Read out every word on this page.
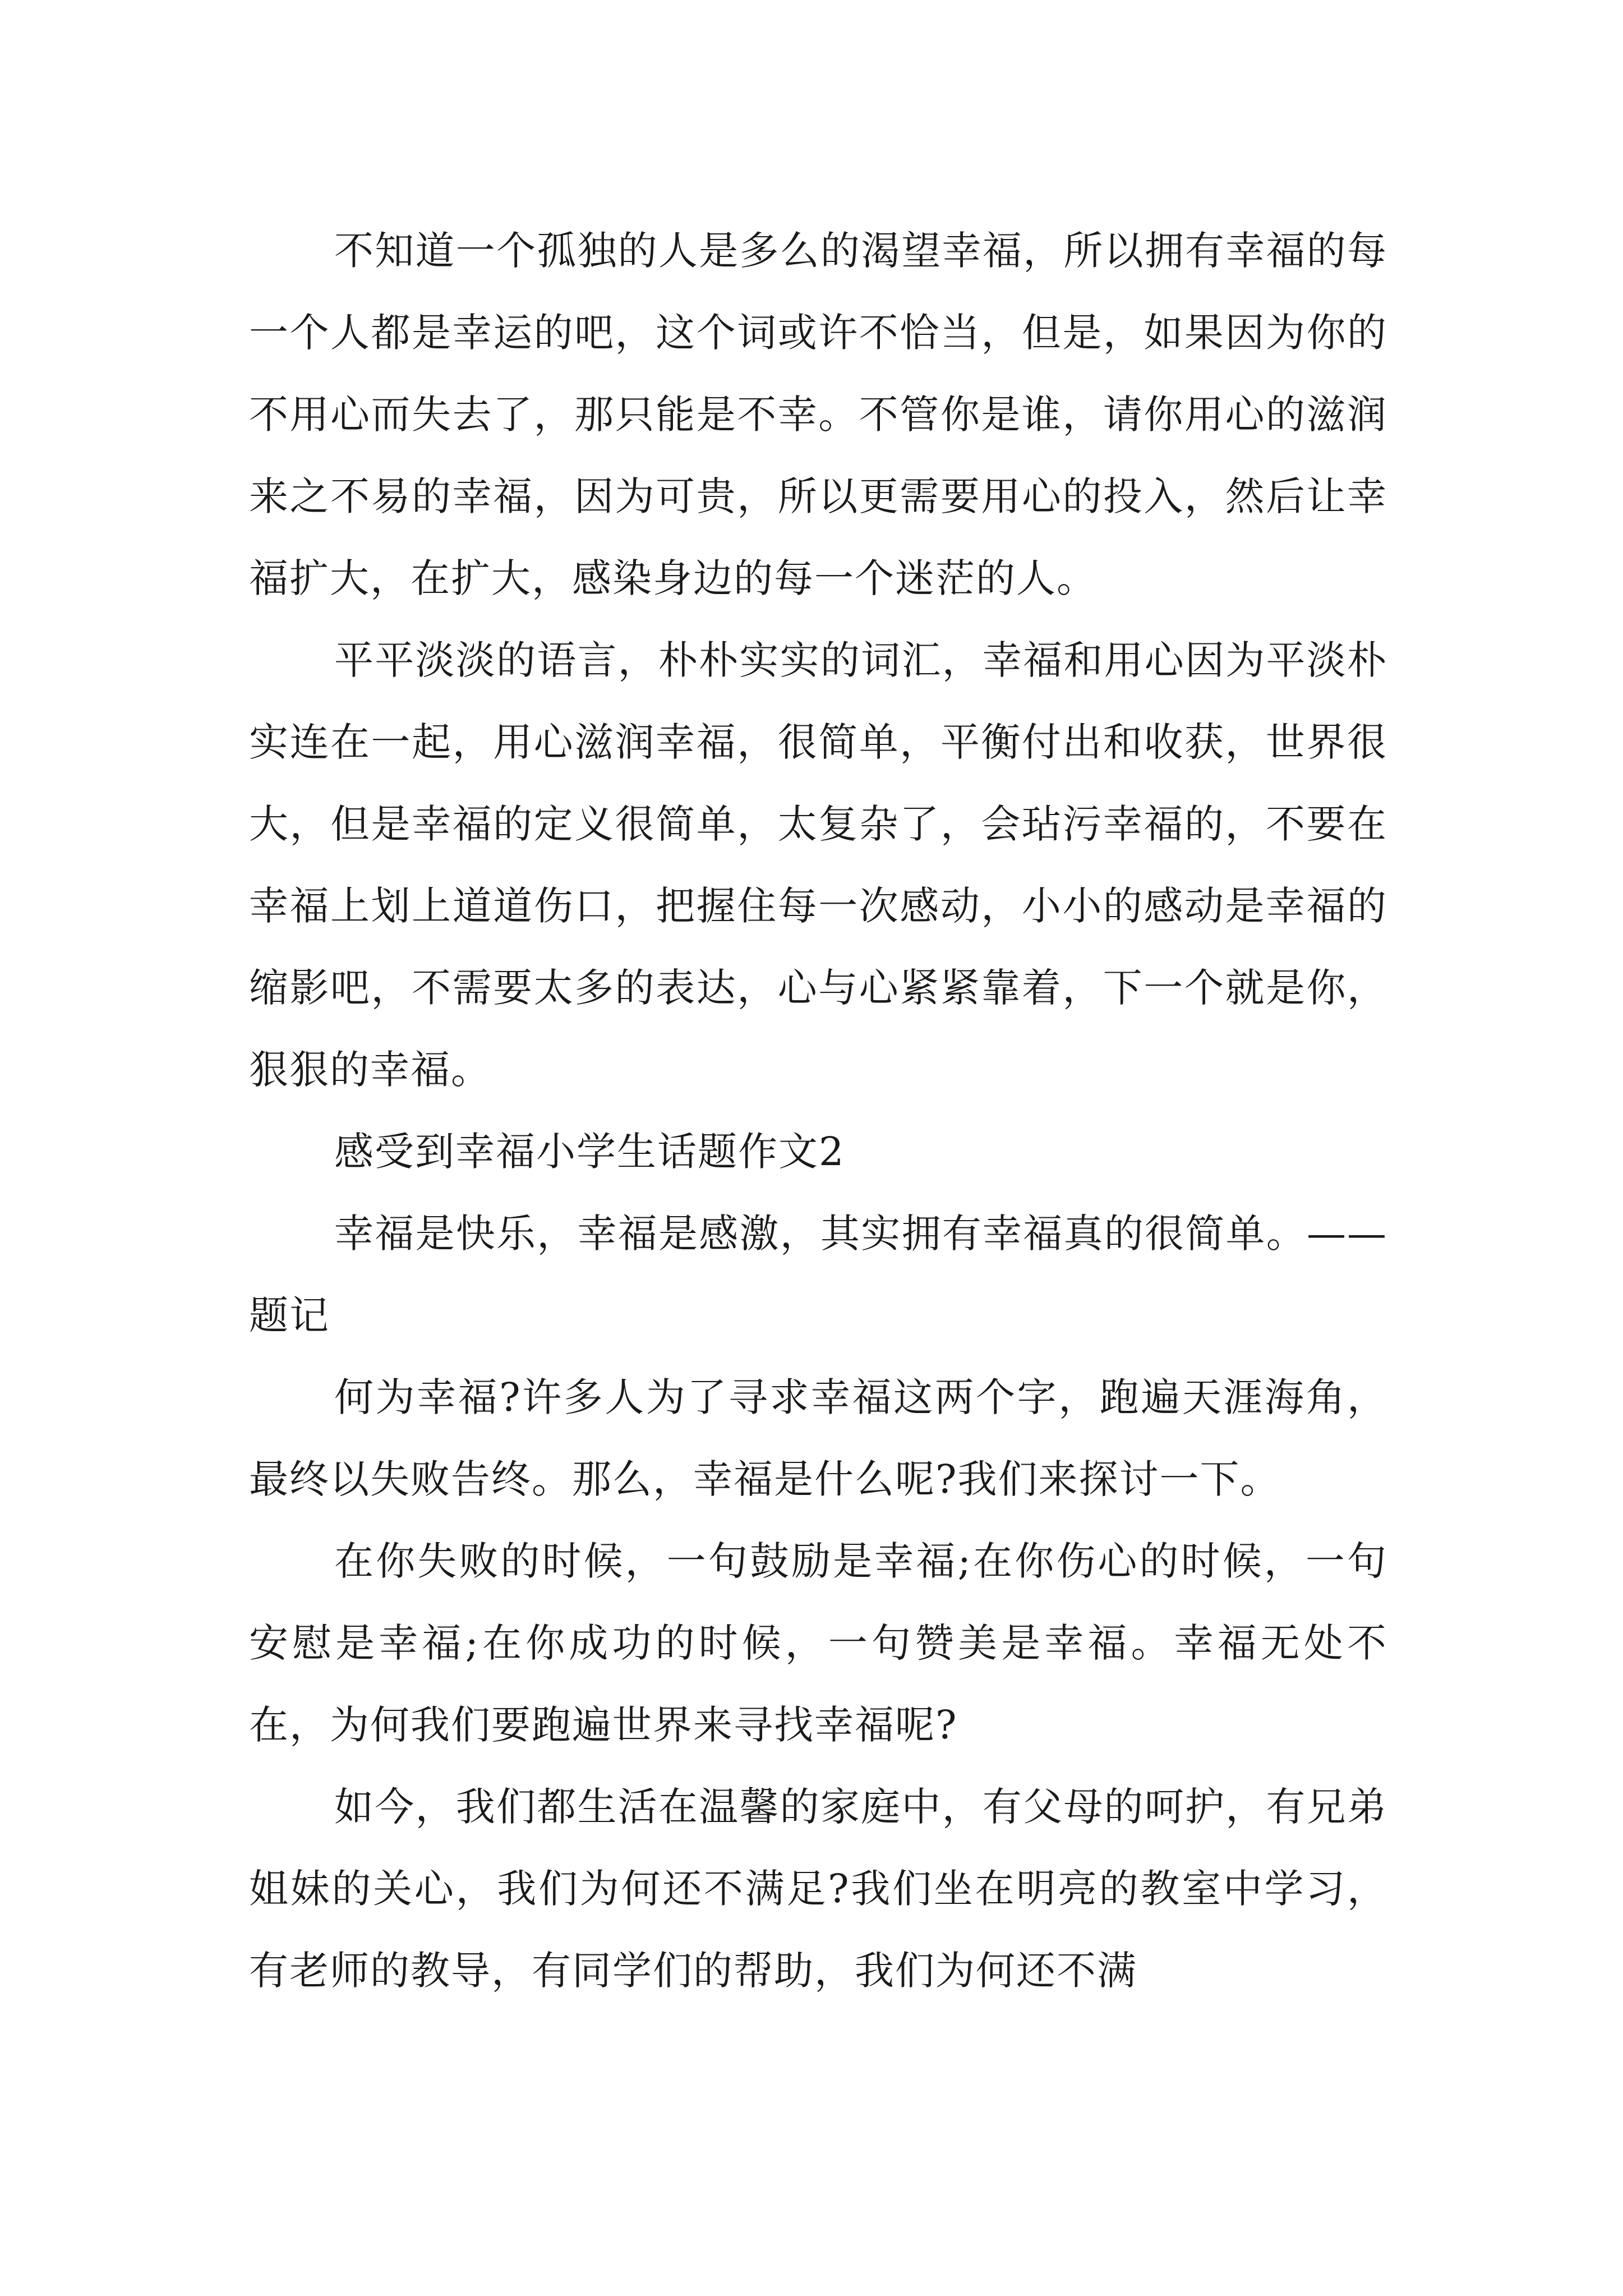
不知道一个孤独的人是多么的渴望幸福，所以拥有幸福的每一个人都是幸运的吧，这个词或许不恰当，但是，如果因为你的不用心而失去了，那只能是不幸。不管你是谁，请你用心的滋润来之不易的幸福，因为可贵，所以更需要用心的投入，然后让幸福扩大，在扩大，感染身边的每一个迷茫的人。

平平淡淡的语言，朴朴实实的词汇，幸福和用心因为平淡朴实连在一起，用心滋润幸福，很简单，平衡付出和收获，世界很大，但是幸福的定义很简单，太复杂了，会玷污幸福的，不要在幸福上划上道道伤口，把握住每一次感动，小小的感动是幸福的缩影吧，不需要太多的表达，心与心紧紧靠着，下一个就是你，狠狠的幸福。

感受到幸福小学生话题作文2

幸福是快乐，幸福是感激，其实拥有幸福真的很简单。——题记

何为幸福?许多人为了寻求幸福这两个字，跑遍天涯海角，最终以失败告终。那么，幸福是什么呢?我们来探讨一下。

在你失败的时候，一句鼓励是幸福;在你伤心的时候，一句安慰是幸福;在你成功的时候，一句赞美是幸福。幸福无处不在，为何我们要跑遍世界来寻找幸福呢?

如今，我们都生活在温馨的家庭中，有父母的呵护，有兄弟姐妹的关心，我们为何还不满足?我们坐在明亮的教室中学习，有老师的教导，有同学们的帮助，我们为何还不满
